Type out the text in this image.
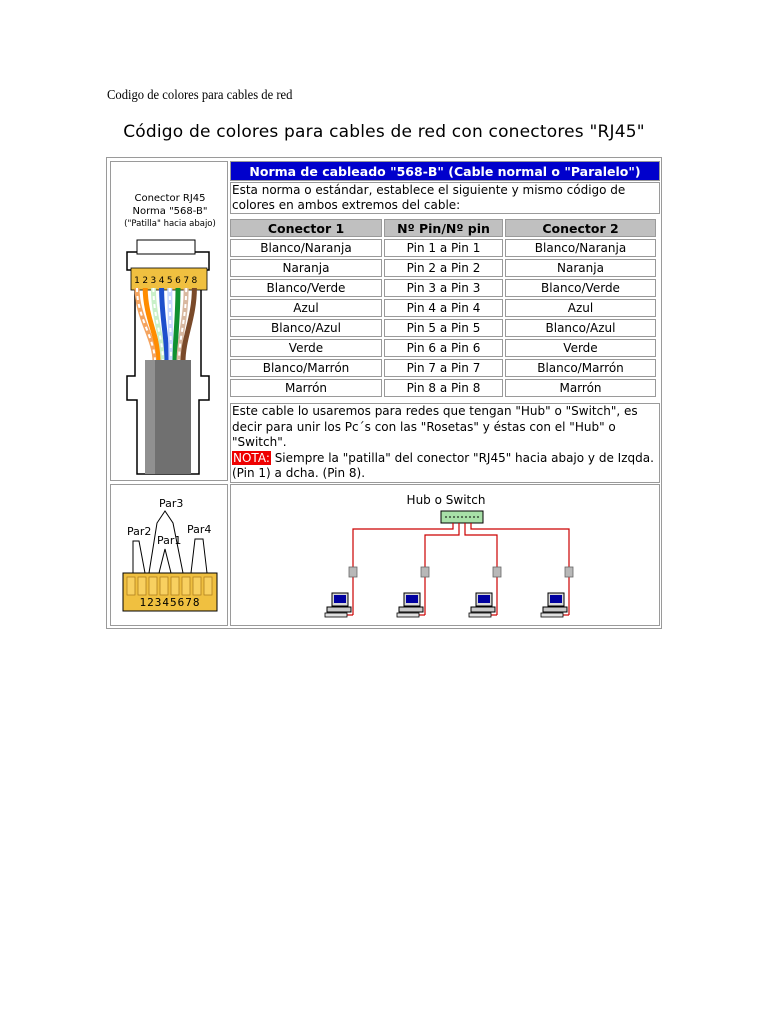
Codigo de colores para cables de red
Código de colores para cables de red con conectores "RJ45"
Conector RJ45
Norma "568-B"
("Patilla" hacia abajo)
1 2 3 4 5 6 7 8
Norma de cableado "568-B" (Cable normal o "Paralelo")
Esta norma o estándar, establece el siguiente y mismo código de colores en ambos extremos del cable:
Conector 1	Nº Pin/Nº pin	Conector 2
Blanco/Naranja	Pin 1 a Pin 1	Blanco/Naranja
Naranja	Pin 2 a Pin 2	Naranja
Blanco/Verde	Pin 3 a Pin 3	Blanco/Verde
Azul	Pin 4 a Pin 4	Azul
Blanco/Azul	Pin 5 a Pin 5	Blanco/Azul
Verde	Pin 6 a Pin 6	Verde
Blanco/Marrón	Pin 7 a Pin 7	Blanco/Marrón
Marrón	Pin 8 a Pin 8	Marrón
Este cable lo usaremos para redes que tengan "Hub" o "Switch", es decir para unir los Pc´s con las "Rosetas" y éstas con el "Hub" o "Switch".
NOTA: Siempre la "patilla" del conector "RJ45" hacia abajo y de Izqda. (Pin 1) a dcha. (Pin 8).
Par3
Par2
Par1
Par4
12345678
Hub o Switch
